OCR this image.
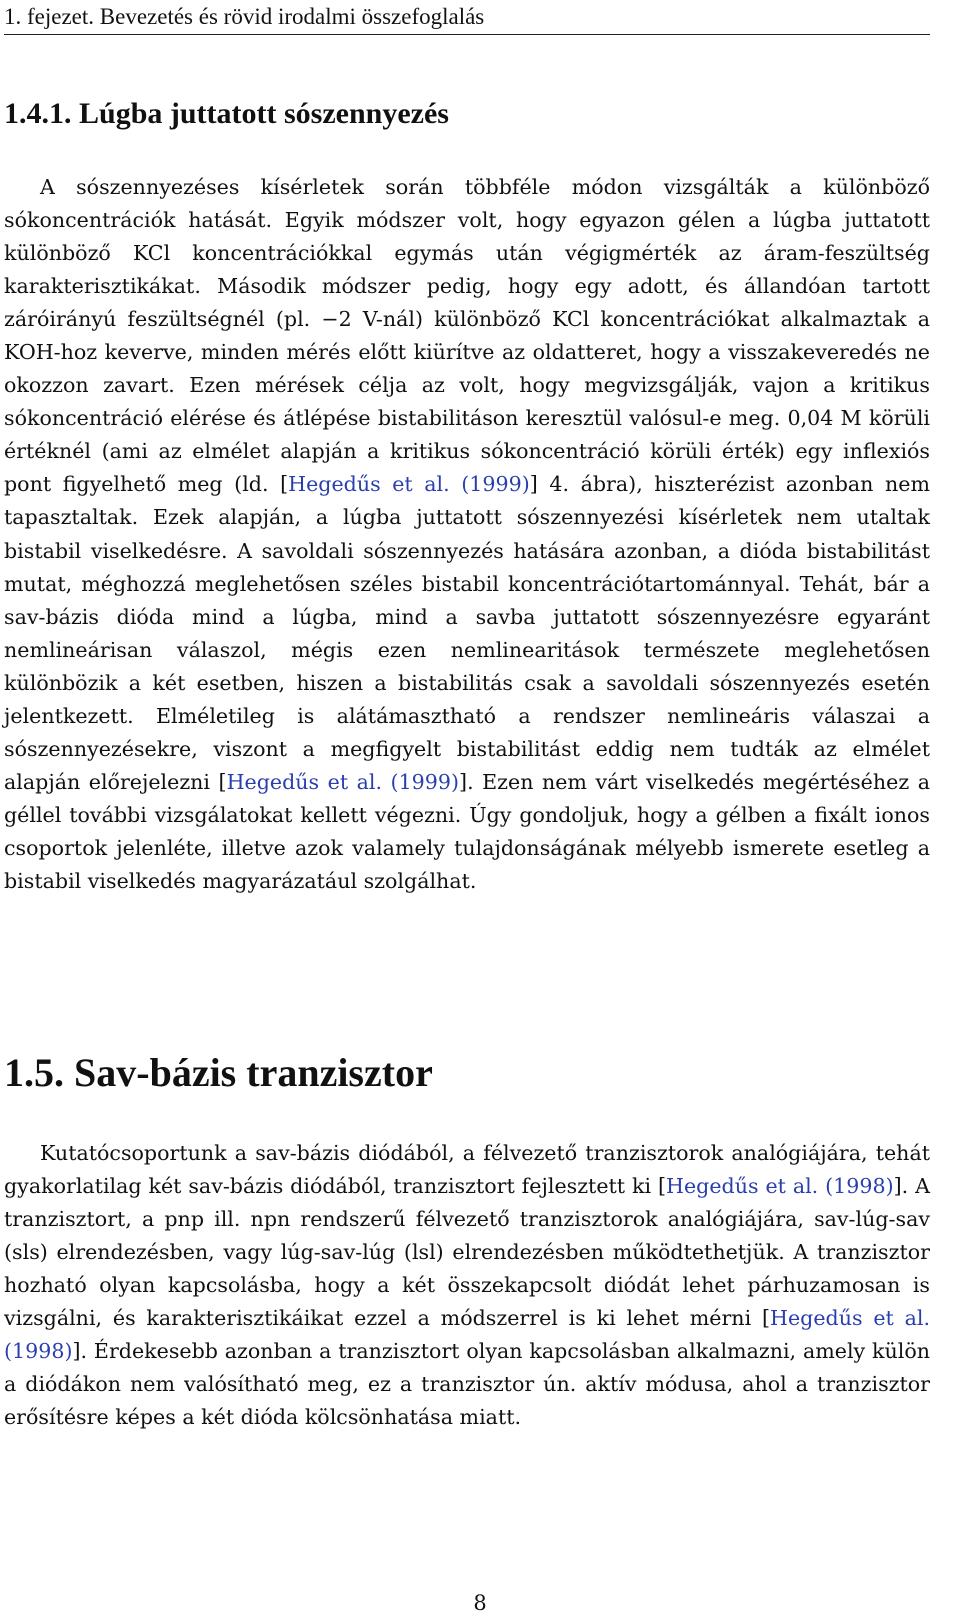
1. fejezet. Bevezetés és rövid irodalmi összefoglalás
1.4.1. Lúgba juttatott sószennyezés

A sószennyezéses kísérletek során többféle módon vizsgálták a különböző sókoncentrációk hatását. Egyik módszer volt, hogy egyazon gélen a lúgba juttatott különböző KCl koncentrációkkal egymás után végigmérték az áram-feszültség karakterisztikákat. Második módszer pedig, hogy egy adott, és állandóan tartott záróirányú feszültségnél (pl. −2 V-nál) különböző KCl koncentrációkat alkalmaztak a KOH-hoz keverve, minden mérés előtt kiürítve az oldatteret, hogy a visszakeveredés ne okozzon zavart. Ezen mérések célja az volt, hogy megvizsgálják, vajon a kritikus sókoncentráció elérése és átlépése bistabilitáson keresztül valósul-e meg. 0,04 M körüli értéknél (ami az elmélet alapján a kritikus sókoncentráció körüli érték) egy inflexiós pont figyelhető meg (ld. [Hegedűs et al. (1999)] 4. ábra), hiszterézist azonban nem tapasztaltak. Ezek alapján, a lúgba juttatott sószennyezési kísérletek nem utaltak bistabil viselkedésre. A savoldali sószennyezés hatására azonban, a dióda bistabilitást mutat, méghozzá meglehetősen széles bistabil koncentrációtartománnyal. Tehát, bár a sav-bázis dióda mind a lúgba, mind a savba juttatott sószennyezésre egyaránt nemlineárisan válaszol, mégis ezen nemlinearitások természete meglehetősen különbözik a két esetben, hiszen a bistabilitás csak a savoldali sószennyezés esetén jelentkezett. Elméletileg is alátámasztható a rendszer nemlineáris válaszai a sószennyezésekre, viszont a megfigyelt bistabilitást eddig nem tudták az elmélet alapján előrejelezni [Hegedűs et al. (1999)]. Ezen nem várt viselkedés megértéséhez a géllel további vizsgálatokat kellett végezni. Úgy gondoljuk, hogy a gélben a fixált ionos csoportok jelenléte, illetve azok valamely tulajdonságának mélyebb ismerete esetleg a bistabil viselkedés magyarázatául szolgálhat.

1.5. Sav-bázis tranzisztor

Kutatócsoportunk a sav-bázis diódából, a félvezető tranzisztorok analógiájára, tehát gyakorlatilag két sav-bázis diódából, tranzisztort fejlesztett ki [Hegedűs et al. (1998)]. A tranzisztort, a pnp ill. npn rendszerű félvezető tranzisztorok analógiájára, sav-lúg-sav (sls) elrendezésben, vagy lúg-sav-lúg (lsl) elrendezésben működtethetjük. A tranzisztor hozható olyan kapcsolásba, hogy a két összekapcsolt diódát lehet párhuzamosan is vizsgálni, és karakterisztikáikat ezzel a módszerrel is ki lehet mérni [Hegedűs et al. (1998)]. Érdekesebb azonban a tranzisztort olyan kapcsolásban alkalmazni, amely külön a diódákon nem valósítható meg, ez a tranzisztor ún. aktív módusa, ahol a tranzisztor erősítésre képes a két dióda kölcsönhatása miatt.

8
